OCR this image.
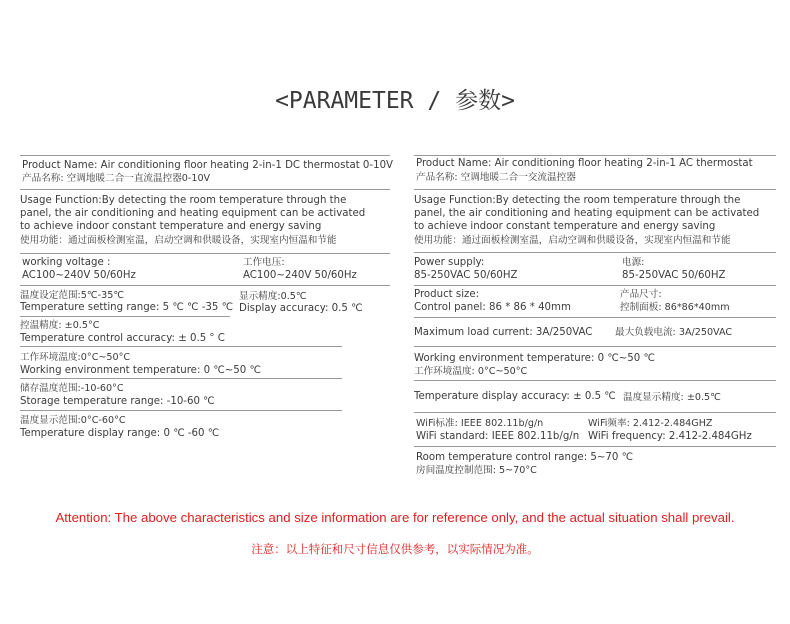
<PARAMETER / 参数>
Product Name: Air conditioning floor heating 2-in-1 DC thermostat 0-10V
产品名称: 空调地暖二合一直流温控器0-10V
Usage Function:By detecting the room temperature through the
panel, the air conditioning and heating equipment can be activated
to achieve indoor constant temperature and energy saving
使用功能：通过面板检测室温，启动空调和供暖设备，实现室内恒温和节能
working voltage :
AC100~240V 50/60Hz
工作电压:
AC100~240V 50/60Hz
温度设定范围:5℃-35℃
Temperature setting range: 5 ℃ ℃ -35 ℃
显示精度:0.5℃
Display accuracy: 0.5 ℃
控温精度: ±0.5°C
Temperature control accuracy: ± 0.5 ° C
工作环境温度:0°C~50°C
Working environment temperature: 0 ℃~50 ℃
储存温度范围:-10-60°C
Storage temperature range: -10-60 ℃
温度显示范围:0°C-60°C
Temperature display range: 0 ℃ -60 ℃
Product Name: Air conditioning floor heating 2-in-1 AC thermostat
产品名称: 空调地暖二合一交流温控器
Usage Function:By detecting the room temperature through the
panel, the air conditioning and heating equipment can be activated
to achieve indoor constant temperature and energy saving
使用功能：通过面板检测室温，启动空调和供暖设备，实现室内恒温和节能
Power supply:
85-250VAC 50/60HZ
电源:
85-250VAC 50/60HZ
Product size:
Control panel: 86 * 86 * 40mm
产品尺寸:
控制面板: 86*86*40mm
Maximum load current: 3A/250VAC 最大负载电流: 3A/250VAC
Working environment temperature: 0 ℃~50 ℃
工作环境温度: 0°C~50°C
Temperature display accuracy: ± 0.5 ℃ 温度显示精度: ±0.5℃
WiFi标准: IEEE 802.11b/g/n
WiFi standard: IEEE 802.11b/g/n
WiFi频率: 2.412-2.484GHZ
WiFi frequency: 2.412-2.484GHz
Room temperature control range: 5~70 ℃
房间温度控制范围: 5~70°C
Attention: The above characteristics and size information are for reference only, and the actual situation shall prevail.
注意：以上特征和尺寸信息仅供参考，以实际情况为准。
